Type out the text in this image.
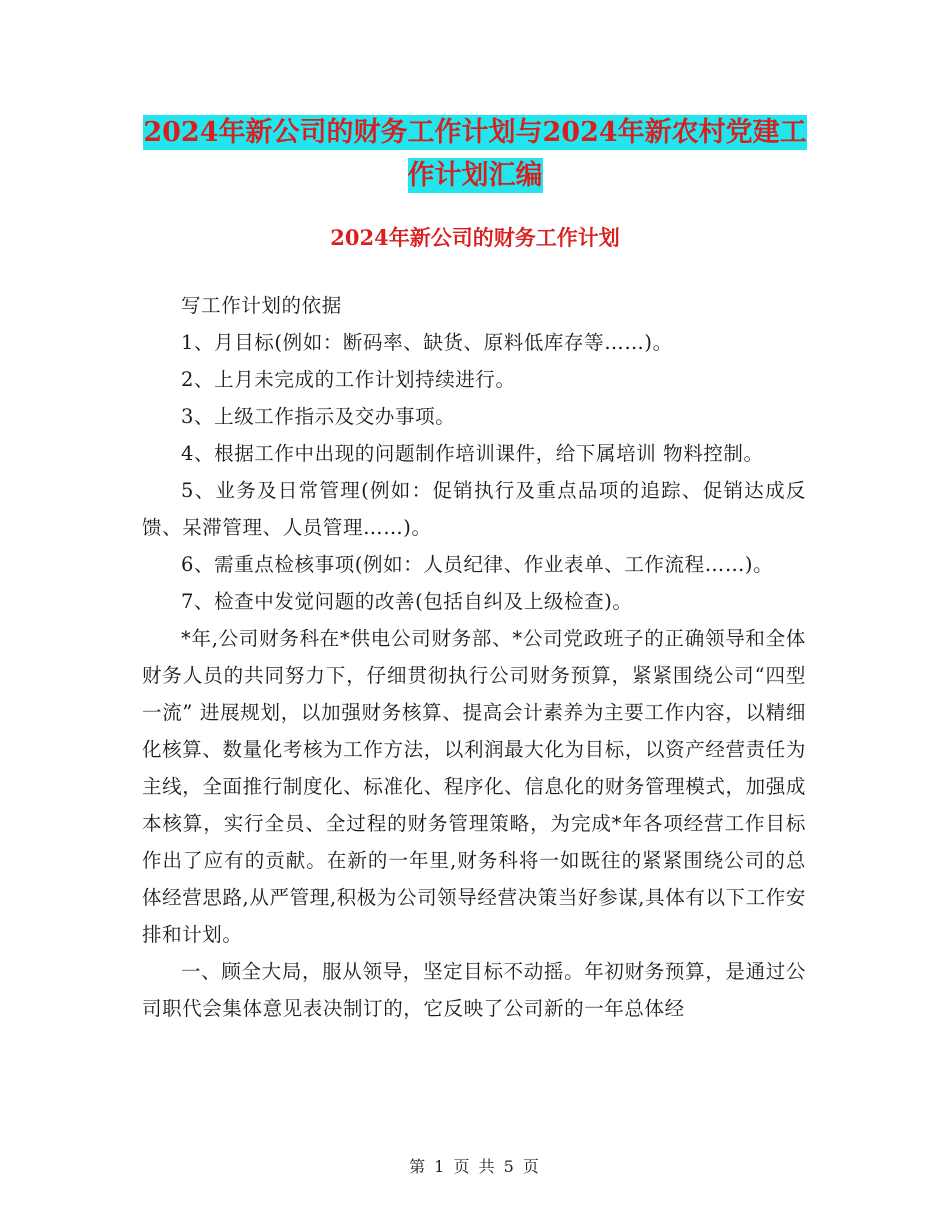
2024年新公司的财务工作计划与2024年新农村党建工
作计划汇编
2024年新公司的财务工作计划

写工作计划的依据

1、月目标(例如：断码率、缺货、原料低库存等……)。

2、上月未完成的工作计划持续进行。

3、上级工作指示及交办事项。

4、根据工作中出现的问题制作培训课件，给下属培训 物料控制。

5、业务及日常管理(例如：促销执行及重点品项的追踪、促销达成反馈、呆滞管理、人员管理……)。

6、需重点检核事项(例如：人员纪律、作业表单、工作流程……)。

7、检查中发觉问题的改善(包括自纠及上级检查)。

*年,公司财务科在*供电公司财务部、*公司党政班子的正确领导和全体财务人员的共同努力下，仔细贯彻执行公司财务预算，紧紧围绕公司“四型一流” 进展规划，以加强财务核算、提高会计素养为主要工作内容，以精细化核算、数量化考核为工作方法，以利润最大化为目标，以资产经营责任为主线，全面推行制度化、标准化、程序化、信息化的财务管理模式，加强成本核算，实行全员、全过程的财务管理策略，为完成*年各项经营工作目标作出了应有的贡献。在新的一年里,财务科将一如既往的紧紧围绕公司的总体经营思路,从严管理,积极为公司领导经营决策当好参谋,具体有以下工作安排和计划。

一、顾全大局，服从领导，坚定目标不动摇。年初财务预算，是通过公司职代会集体意见表决制订的，它反映了公司新的一年总体经

第 1 页 共 5 页
